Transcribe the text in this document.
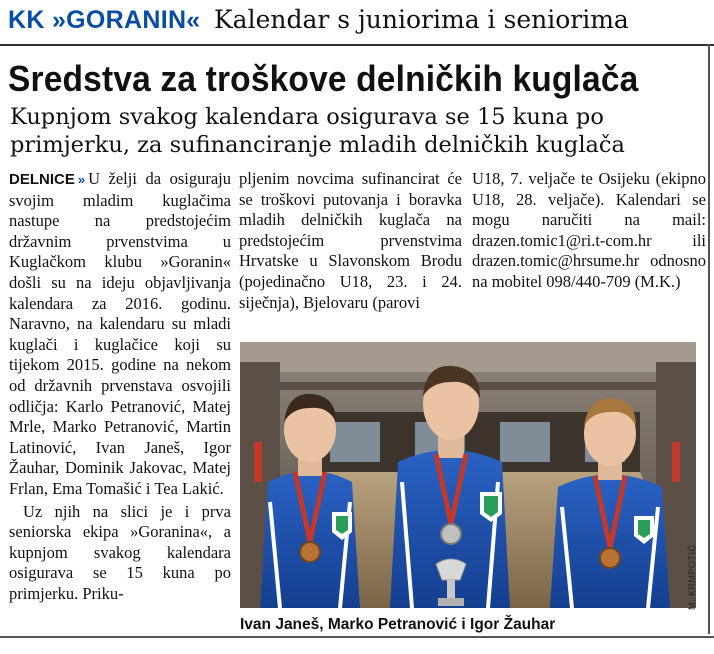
KK »GORANIN« Kalendar s juniorima i seniorima
Sredstva za troškove delničkih kuglača
Kupnjom svakog kalendara osigurava se 15 kuna po primjerku, za sufinanciranje mladih delničkih kuglača

DELNICE » U želji da osiguraju svojim mladim kuglačima nastupe na predstojećim državnim prvenstvima u Kuglačkom klubu »Goranin« došli su na ideju objavljivanja kalendara za 2016. godinu. Naravno, na kalendaru su mladi kuglači i kuglačice koji su tijekom 2015. godine na nekom od državnih prvenstava osvojili odličja: Karlo Petranović, Matej Mrle, Marko Petranović, Martin Latinović, Ivan Janeš, Igor Žauhar, Dominik Jakovac, Matej Frlan, Ema Tomašić i Tea Lakić.

Uz njih na slici je i prva seniorska ekipa »Goranina«, a kupnjom svakog kalendara osigurava se 15 kuna po primjerku. Priku-

pljenim novcima sufinancirat će se troškovi putovanja i boravka mladih delničkih kuglača na predstojećim prvenstvima Hrvatske u Slavonskom Brodu (pojedinačno U18, 23. i 24. siječnja), Bjelovaru (parovi
U18, 7. veljače te Osijeku (ekipno U18, 28. veljače). Kalendari se mogu naručiti na mail: drazen.tomic1@ri.t-com.hr ili drazen.tomic@hrsume.hr odnosno na mobitel 098/440-709 (M.K.)
M. KRMPOTIĆ
Ivan Janeš, Marko Petranović i Igor Žauhar
